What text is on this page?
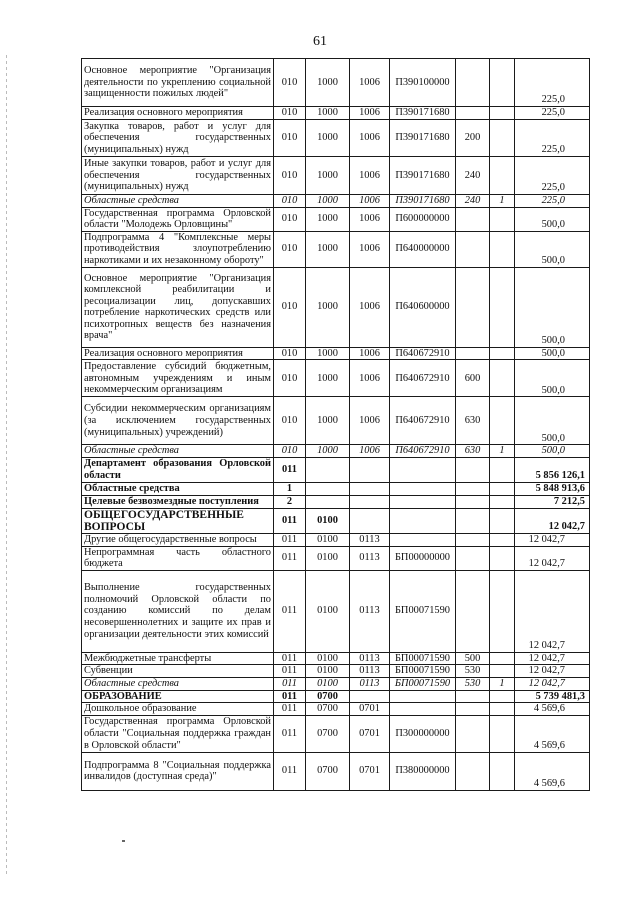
61
Основное мероприятие "Организация деятельности по укреплению социальной защищенности пожилых людей"	010	1000	1006	П390100000			225,0
Реализация основного мероприятия	010	1000	1006	П390171680			225,0
Закупка товаров, работ и услуг для обеспечения государственных (муниципальных) нужд	010	1000	1006	П390171680	200		225,0
Иные закупки товаров, работ и услуг для обеспечения государственных (муниципальных) нужд	010	1000	1006	П390171680	240		225,0
Областные средства	010	1000	1006	П390171680	240	1	225,0
Государственная программа Орловской области "Молодежь Орловщины"	010	1000	1006	П600000000			500,0
Подпрограмма 4 "Комплексные меры противодействия злоупотреблению наркотиками и их незаконному обороту"	010	1000	1006	П640000000			500,0
Основное мероприятие "Организация комплексной реабилитации и ресоциализации лиц, допускавших потребление наркотических средств или психотропных веществ без назначения врача"	010	1000	1006	П640600000			500,0
Реализация основного мероприятия	010	1000	1006	П640672910			500,0
Предоставление субсидий бюджетным, автономным учреждениям и иным некоммерческим организациям	010	1000	1006	П640672910	600		500,0
Субсидии некоммерческим организациям (за исключением государственных (муниципальных) учреждений)	010	1000	1006	П640672910	630		500,0
Областные средства	010	1000	1006	П640672910	630	1	500,0
Департамент образования Орловской области	011						5 856 126,1
Областные средства	1						5 848 913,6
Целевые безвозмездные поступления	2						7 212,5
ОБЩЕГОСУДАРСТВЕННЫЕ ВОПРОСЫ	011	0100					12 042,7
Другие общегосударственные вопросы	011	0100	0113				12 042,7
Непрограммная часть областного бюджета	011	0100	0113	БП00000000			12 042,7
Выполнение государственных полномочий Орловской области по созданию комиссий по делам несовершеннолетних и защите их прав и организации деятельности этих комиссий	011	0100	0113	БП00071590			12 042,7
Межбюджетные трансферты	011	0100	0113	БП00071590	500		12 042,7
Субвенции	011	0100	0113	БП00071590	530		12 042,7
Областные средства	011	0100	0113	БП00071590	530	1	12 042,7
ОБРАЗОВАНИЕ	011	0700					5 739 481,3
Дошкольное образование	011	0700	0701				4 569,6
Государственная программа Орловской области "Социальная поддержка граждан в Орловской области"	011	0700	0701	П300000000			4 569,6
Подпрограмма 8 "Социальная поддержка инвалидов (доступная среда)"	011	0700	0701	П380000000			4 569,6
